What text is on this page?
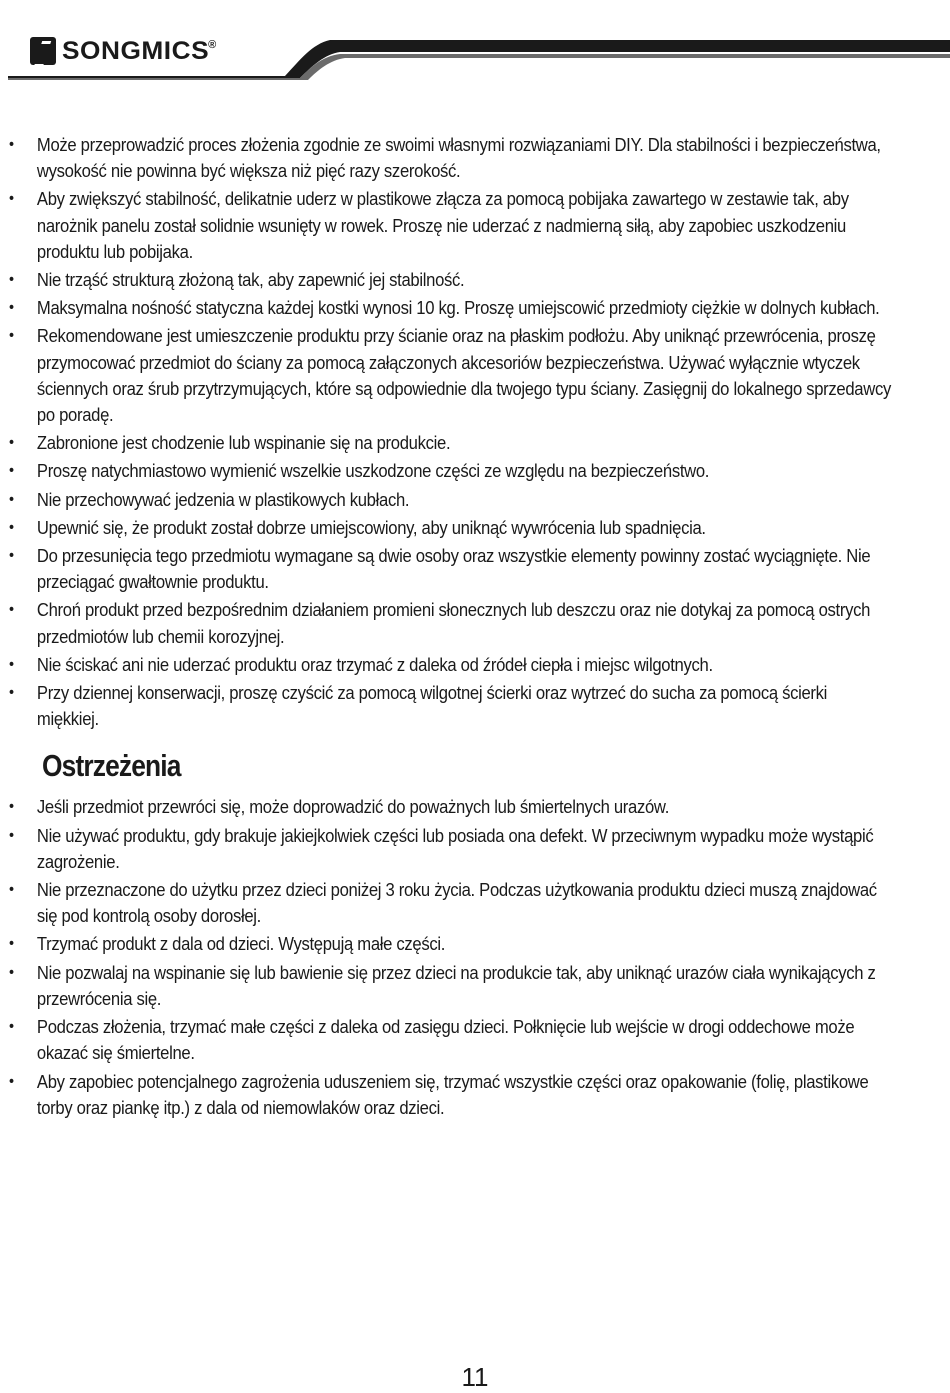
SONGMICS
®
• Może przeprowadzić proces złożenia zgodnie ze swoimi własnymi rozwiązaniami DIY. Dla stabilności i bezpieczeństwa, wysokość nie powinna być większa niż pięć razy szerokość.
• Aby zwiększyć stabilność, delikatnie uderz w plastikowe złącza za pomocą pobijaka zawartego w zestawie tak, aby narożnik panelu został solidnie wsunięty w rowek. Proszę nie uderzać z nadmierną siłą, aby zapobiec uszkodzeniu produktu lub pobijaka.
• Nie trząść strukturą złożoną tak, aby zapewnić jej stabilność.
• Maksymalna nośność statyczna każdej kostki wynosi 10 kg. Proszę umiejscowić przedmioty ciężkie w dolnych kubłach.
• Rekomendowane jest umieszczenie produktu przy ścianie oraz na płaskim podłożu. Aby uniknąć przewrócenia, proszę przymocować przedmiot do ściany za pomocą załączonych akcesoriów bezpieczeństwa. Używać wyłącznie wtyczek ściennych oraz śrub przytrzymujących, które są odpowiednie dla twojego typu ściany. Zasięgnij do lokalnego sprzedawcy po poradę.
• Zabronione jest chodzenie lub wspinanie się na produkcie.
• Proszę natychmiastowo wymienić wszelkie uszkodzone części ze względu na bezpieczeństwo.
• Nie przechowywać jedzenia w plastikowych kubłach.
• Upewnić się, że produkt został dobrze umiejscowiony, aby uniknąć wywrócenia lub spadnięcia.
• Do przesunięcia tego przedmiotu wymagane są dwie osoby oraz wszystkie elementy powinny zostać wyciągnięte. Nie przeciągać gwałtownie produktu.
• Chroń produkt przed bezpośrednim działaniem promieni słonecznych lub deszczu oraz nie dotykaj za pomocą ostrych przedmiotów lub chemii korozyjnej.
• Nie ściskać ani nie uderzać produktu oraz trzymać z daleka od źródeł ciepła i miejsc wilgotnych.
• Przy dziennej konserwacji, proszę czyścić za pomocą wilgotnej ścierki oraz wytrzeć do sucha za pomocą ścierki miękkiej.
Ostrzeżenia
• Jeśli przedmiot przewróci się, może doprowadzić do poważnych lub śmiertelnych urazów.
• Nie używać produktu, gdy brakuje jakiejkolwiek części lub posiada ona defekt. W przeciwnym wypadku może wystąpić zagrożenie.
• Nie przeznaczone do użytku przez dzieci poniżej 3 roku życia. Podczas użytkowania produktu dzieci muszą znajdować się pod kontrolą osoby dorosłej.
• Trzymać produkt z dala od dzieci. Występują małe części.
• Nie pozwalaj na wspinanie się lub bawienie się przez dzieci na produkcie tak, aby uniknąć urazów ciała wynikających z przewrócenia się.
• Podczas złożenia, trzymać małe części z daleka od zasięgu dzieci. Połknięcie lub wejście w drogi oddechowe może okazać się śmiertelne.
• Aby zapobiec potencjalnego zagrożenia uduszeniem się, trzymać wszystkie części oraz opakowanie (folię, plastikowe torby oraz piankę itp.) z dala od niemowlaków oraz dzieci.
11
